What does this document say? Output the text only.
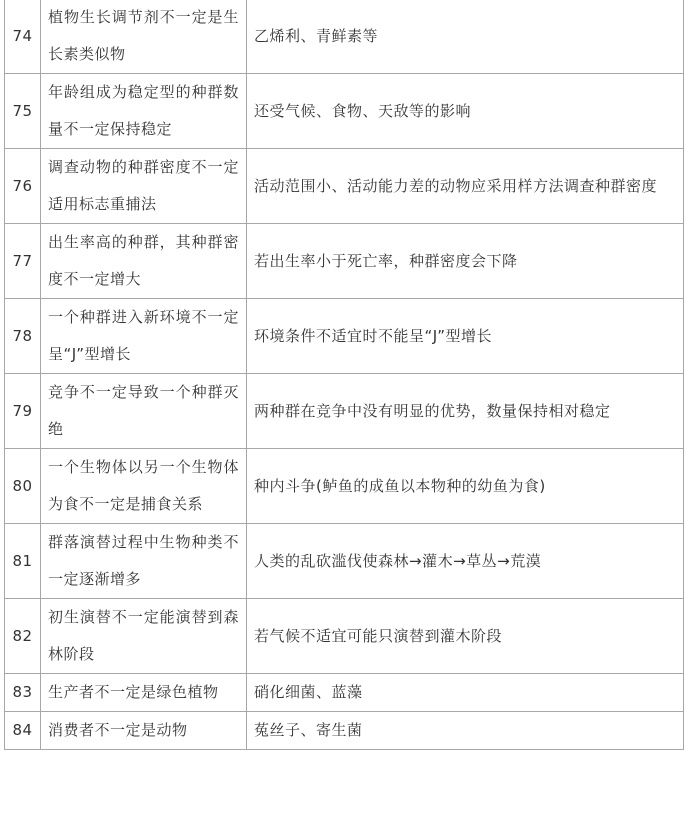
74	植物生长调节剂不一定是生长素类似物	乙烯利、青鲜素等
75	年龄组成为稳定型的种群数量不一定保持稳定	还受气候、食物、天敌等的影响
76	调查动物的种群密度不一定适用标志重捕法	活动范围小、活动能力差的动物应采用样方法调查种群密度
77	出生率高的种群，其种群密度不一定增大	若出生率小于死亡率，种群密度会下降
78	一个种群进入新环境不一定呈“J”型增长	环境条件不适宜时不能呈“J”型增长
79	竞争不一定导致一个种群灭绝	两种群在竞争中没有明显的优势，数量保持相对稳定
80	一个生物体以另一个生物体为食不一定是捕食关系	种内斗争(鲈鱼的成鱼以本物种的幼鱼为食)
81	群落演替过程中生物种类不一定逐渐增多	人类的乱砍滥伐使森林→灌木→草丛→荒漠
82	初生演替不一定能演替到森林阶段	若气候不适宜可能只演替到灌木阶段
83	生产者不一定是绿色植物	硝化细菌、蓝藻
84	消费者不一定是动物	菟丝子、寄生菌
